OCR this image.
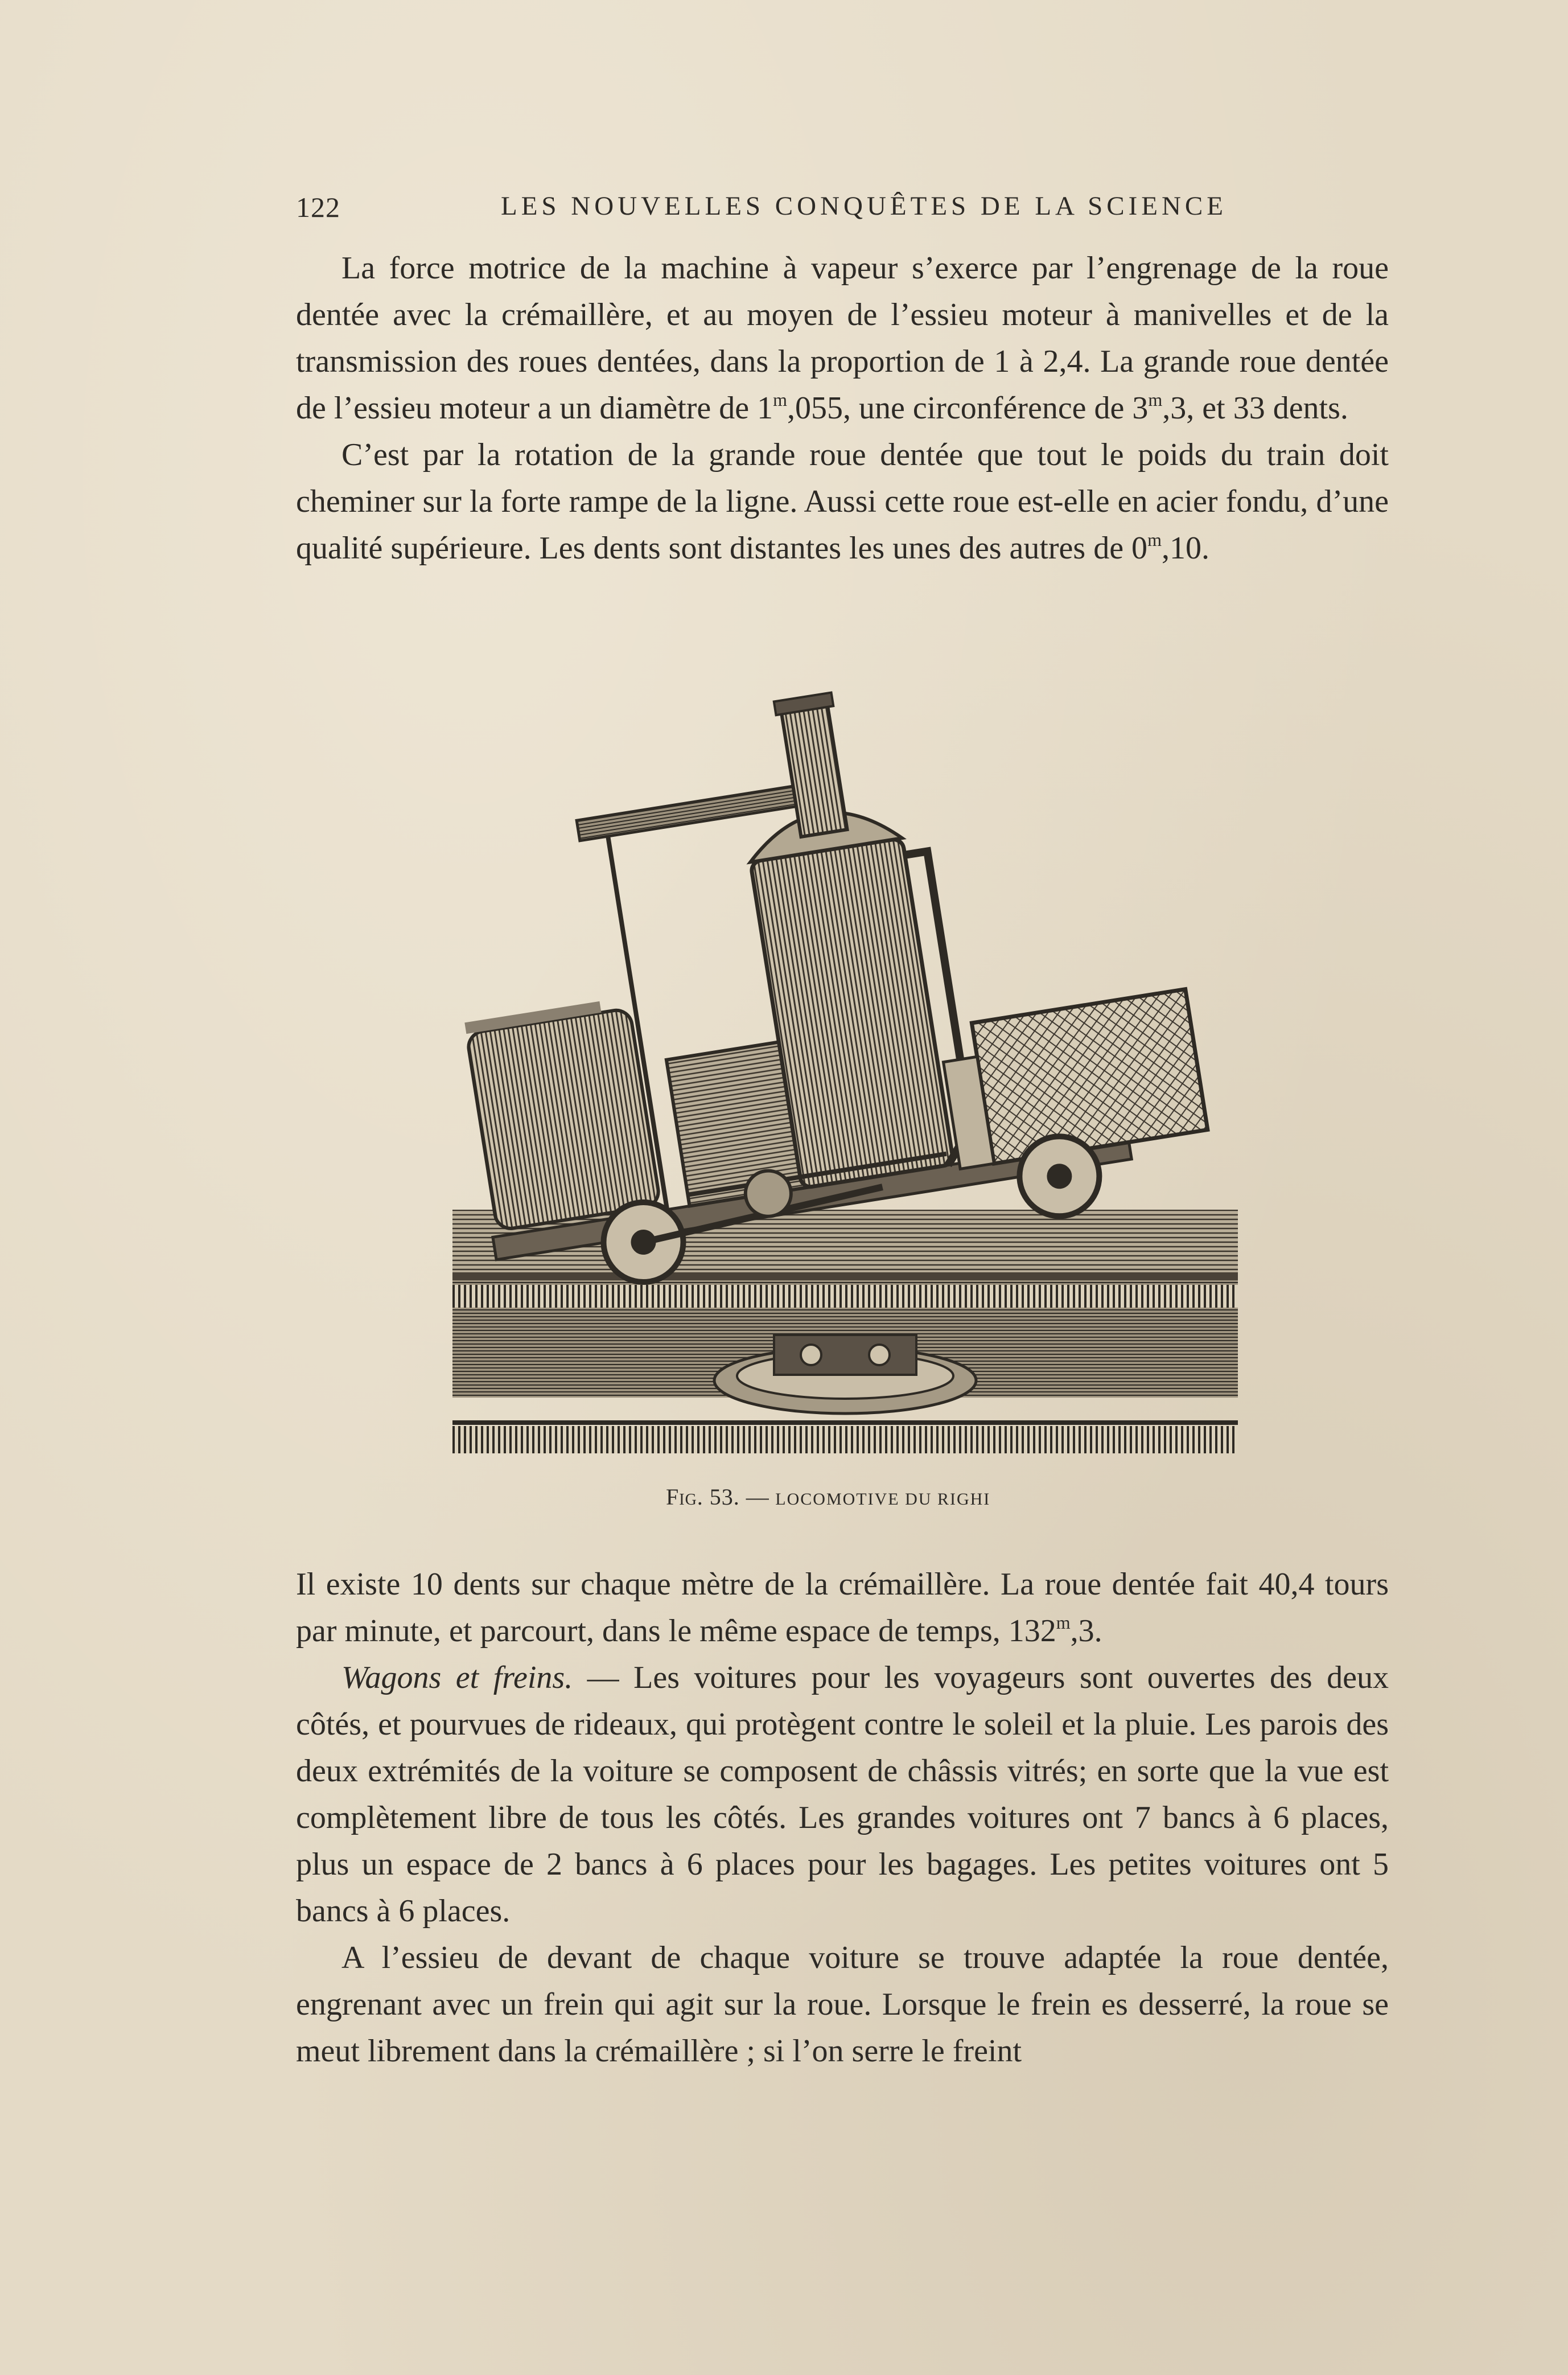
122	LES NOUVELLES CONQUÊTES DE LA SCIENCE

La force motrice de la machine à vapeur s’exerce par l’engrenage de la roue dentée avec la crémaillère, et au moyen de l’essieu moteur à manivelles et de la transmission des roues dentées, dans la proportion de 1 à 2,4. La grande roue dentée de l’essieu moteur a un diamètre de 1$^m$,055, une circonférence de 3$^m$,3, et 33 dents.

C’est par la rotation de la grande roue dentée que tout le poids du train doit cheminer sur la forte rampe de la ligne. Aussi cette roue est-elle en acier fondu, d’une qualité supérieure. Les dents sont distantes les unes des autres de 0$^m$,10.

Fig. 53. — LOCOMOTIVE DU RIGHI

Il existe 10 dents sur chaque mètre de la crémaillère. La roue dentée fait 40,4 tours par minute, et parcourt, dans le même espace de temps, 132$^m$,3.

Wagons et freins. — Les voitures pour les voyageurs sont ouvertes des deux côtés, et pourvues de rideaux, qui protègent contre le soleil et la pluie. Les parois des deux extrémités de la voiture se composent de châssis vitrés; en sorte que la vue est complètement libre de tous les côtés. Les grandes voitures ont 7 bancs à 6 places, plus un espace de 2 bancs à 6 places pour les bagages. Les petites voitures ont 5 bancs à 6 places.

A l’essieu de devant de chaque voiture se trouve adaptée la roue dentée, engrenant avec un frein qui agit sur la roue. Lorsque le frein es desserré, la roue se meut librement dans la crémaillère ; si l’on serre le freint
